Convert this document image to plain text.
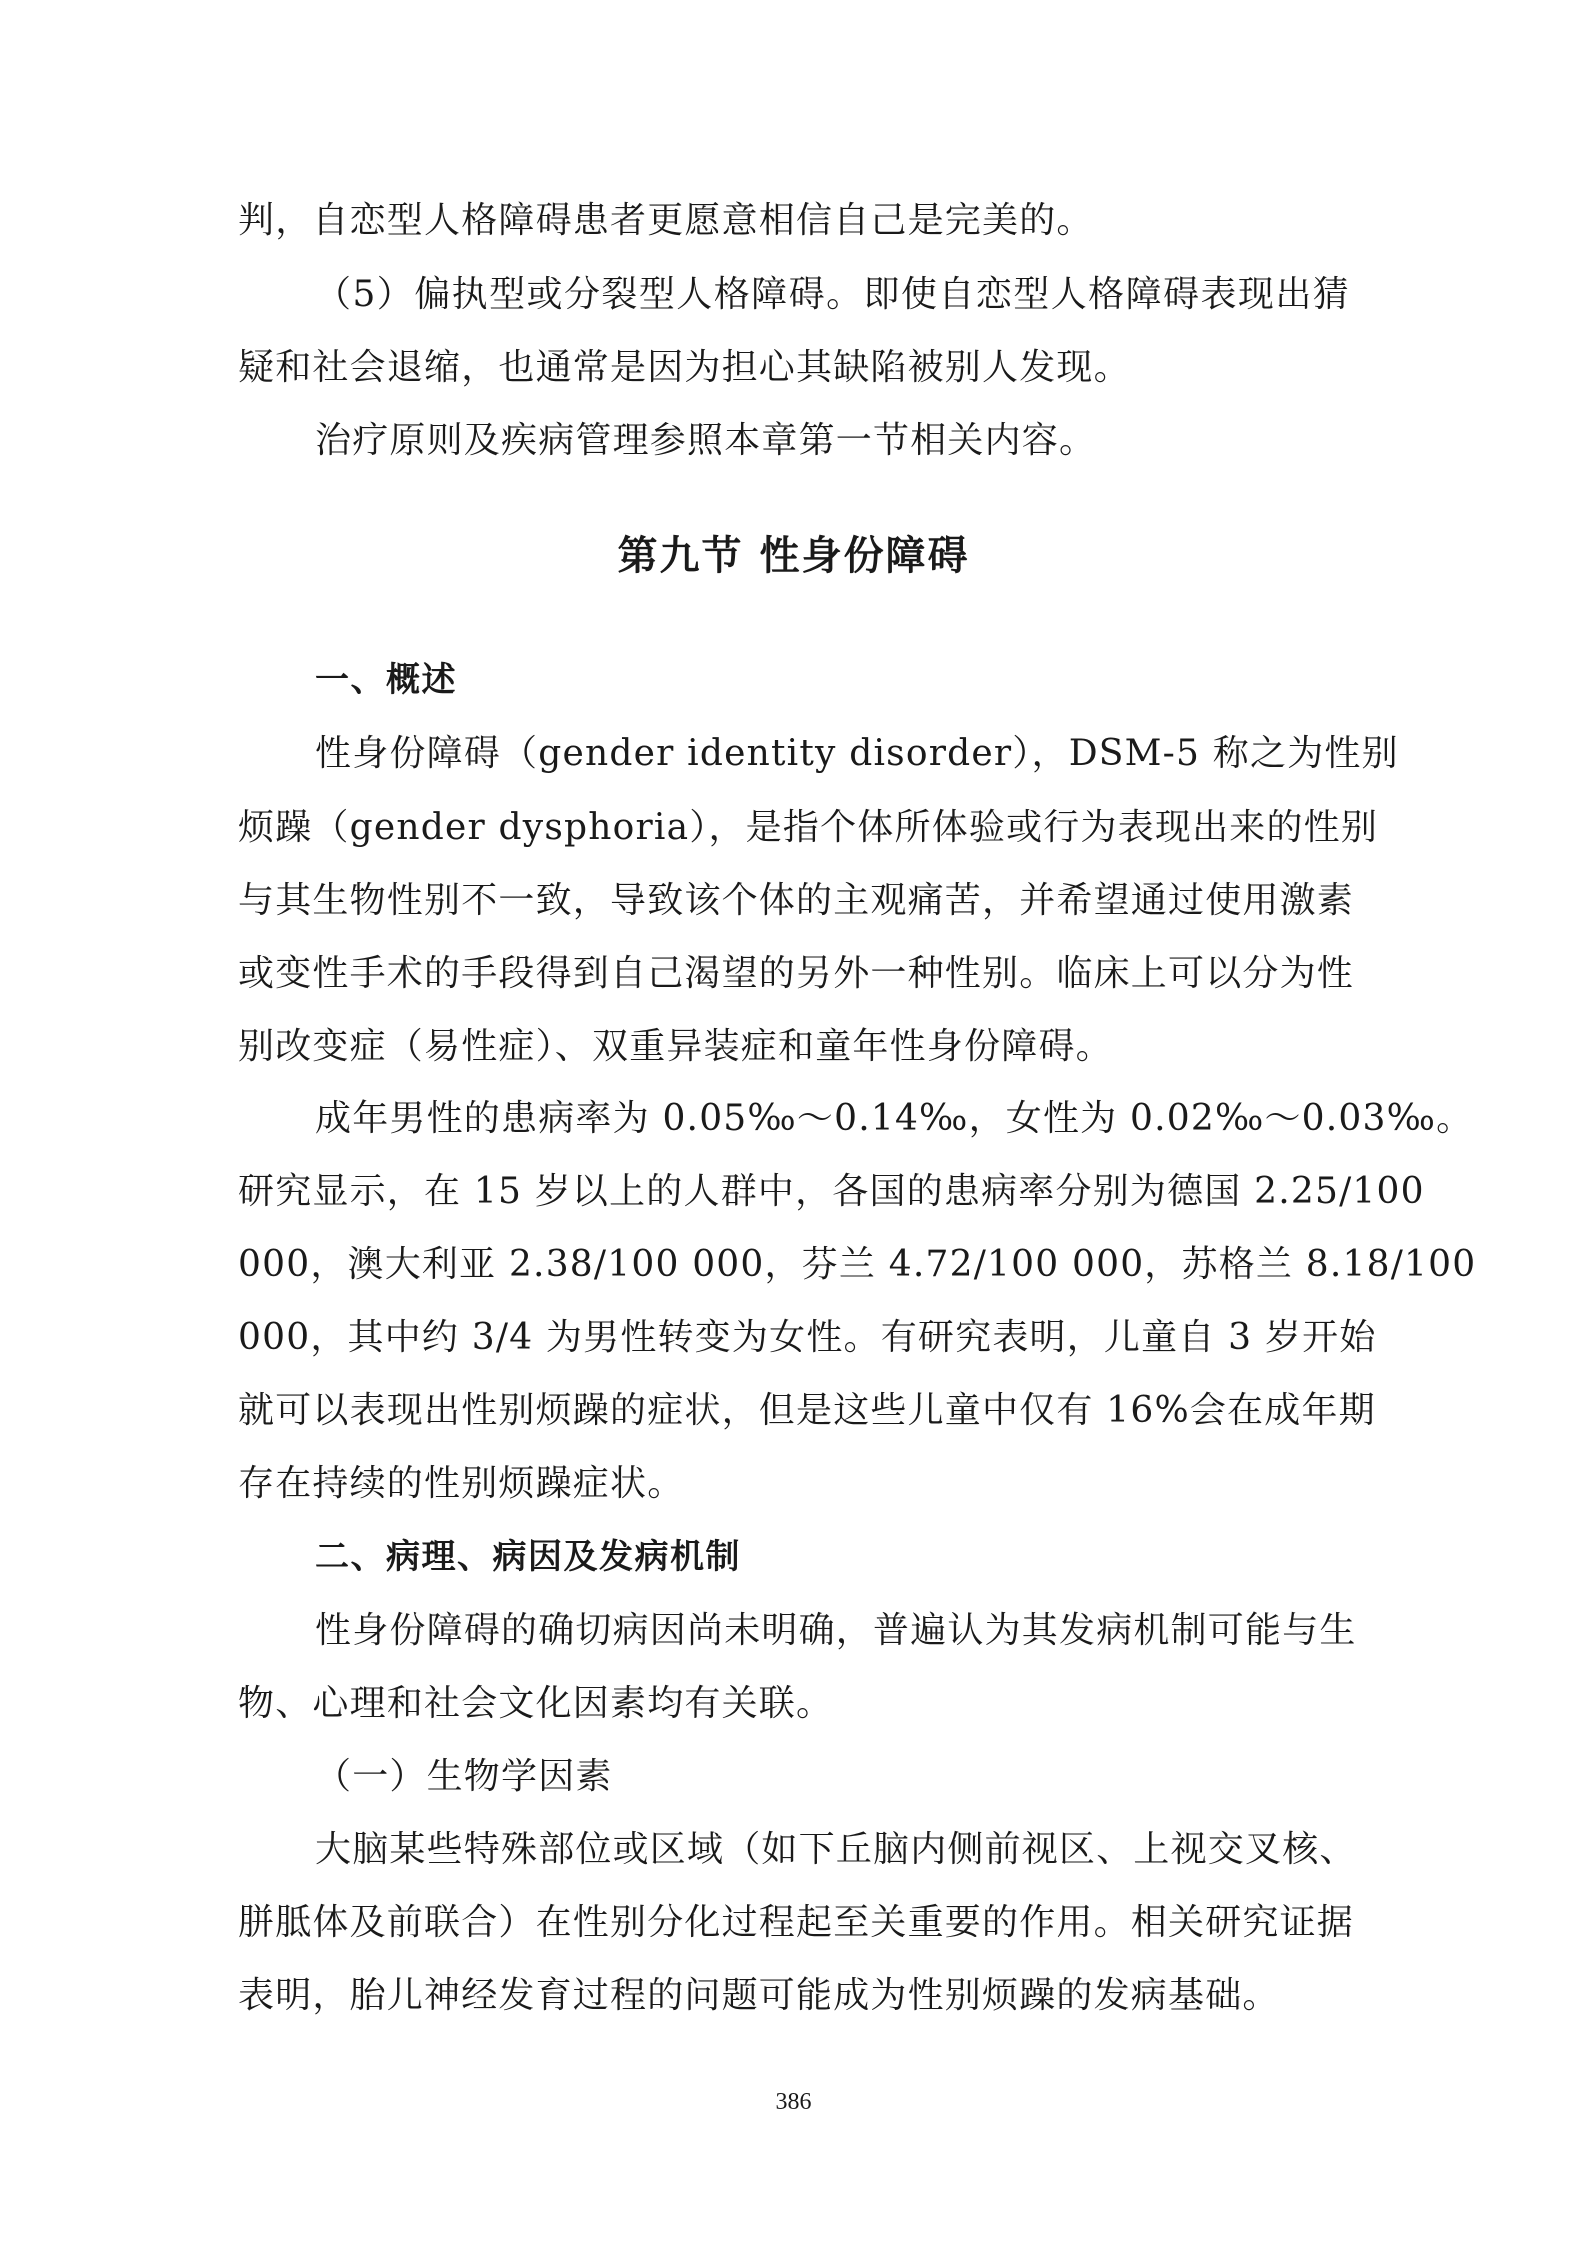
判，自恋型人格障碍患者更愿意相信自己是完美的。
（5）偏执型或分裂型人格障碍。即使自恋型人格障碍表现出猜
疑和社会退缩，也通常是因为担心其缺陷被别人发现。
治疗原则及疾病管理参照本章第一节相关内容。
第九节 性身份障碍
一、概述
性身份障碍（gender identity disorder），DSM-5 称之为性别
烦躁（gender dysphoria），是指个体所体验或行为表现出来的性别
与其生物性别不一致，导致该个体的主观痛苦，并希望通过使用激素
或变性手术的手段得到自己渴望的另外一种性别。临床上可以分为性
别改变症（易性症）、双重异装症和童年性身份障碍。
成年男性的患病率为 0.05‰～0.14‰，女性为 0.02‰～0.03‰。
研究显示，在 15 岁以上的人群中，各国的患病率分别为德国 2.25/100
000，澳大利亚 2.38/100 000，芬兰 4.72/100 000，苏格兰 8.18/100
000，其中约 3/4 为男性转变为女性。有研究表明，儿童自 3 岁开始
就可以表现出性别烦躁的症状，但是这些儿童中仅有 16%会在成年期
存在持续的性别烦躁症状。
二、病理、病因及发病机制
性身份障碍的确切病因尚未明确，普遍认为其发病机制可能与生
物、心理和社会文化因素均有关联。
（一）生物学因素
大脑某些特殊部位或区域（如下丘脑内侧前视区、上视交叉核、
胼胝体及前联合）在性别分化过程起至关重要的作用。相关研究证据
表明，胎儿神经发育过程的问题可能成为性别烦躁的发病基础。
386
